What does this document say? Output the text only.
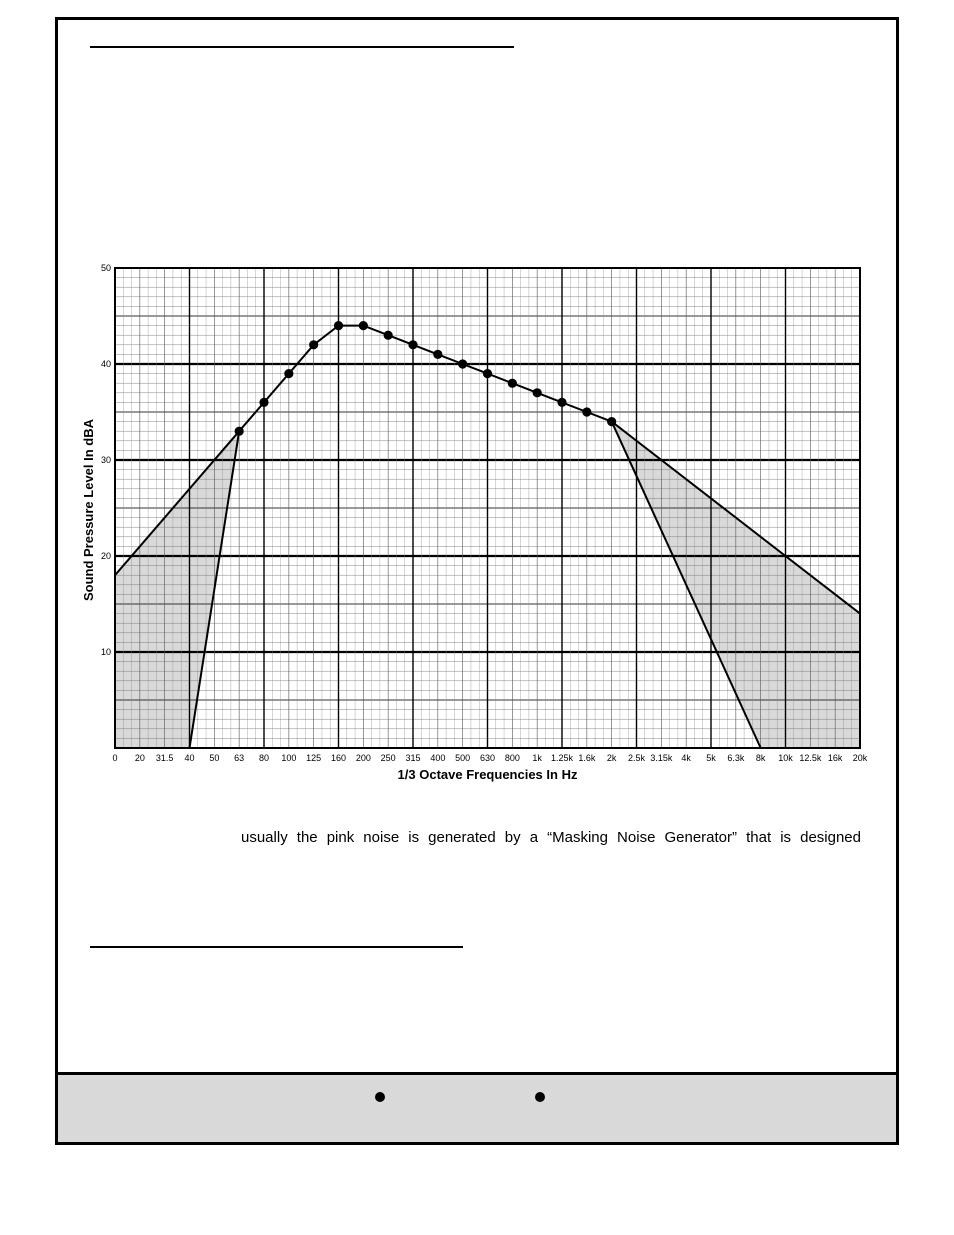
10
20
30
40
50
0 20 31.5 40 50 63 80 100 125 160 200 250 315 400 500 630 800 1k 1.25k 1.6k 2k 2.5k 3.15k 4k 5k 6.3k 8k 10k 12.5k 16k 20k
1/3 Octave Frequencies In Hz
Sound Pressure Level In dBA
usually the pink noise is generated by a “Masking Noise Generator” that is designed
